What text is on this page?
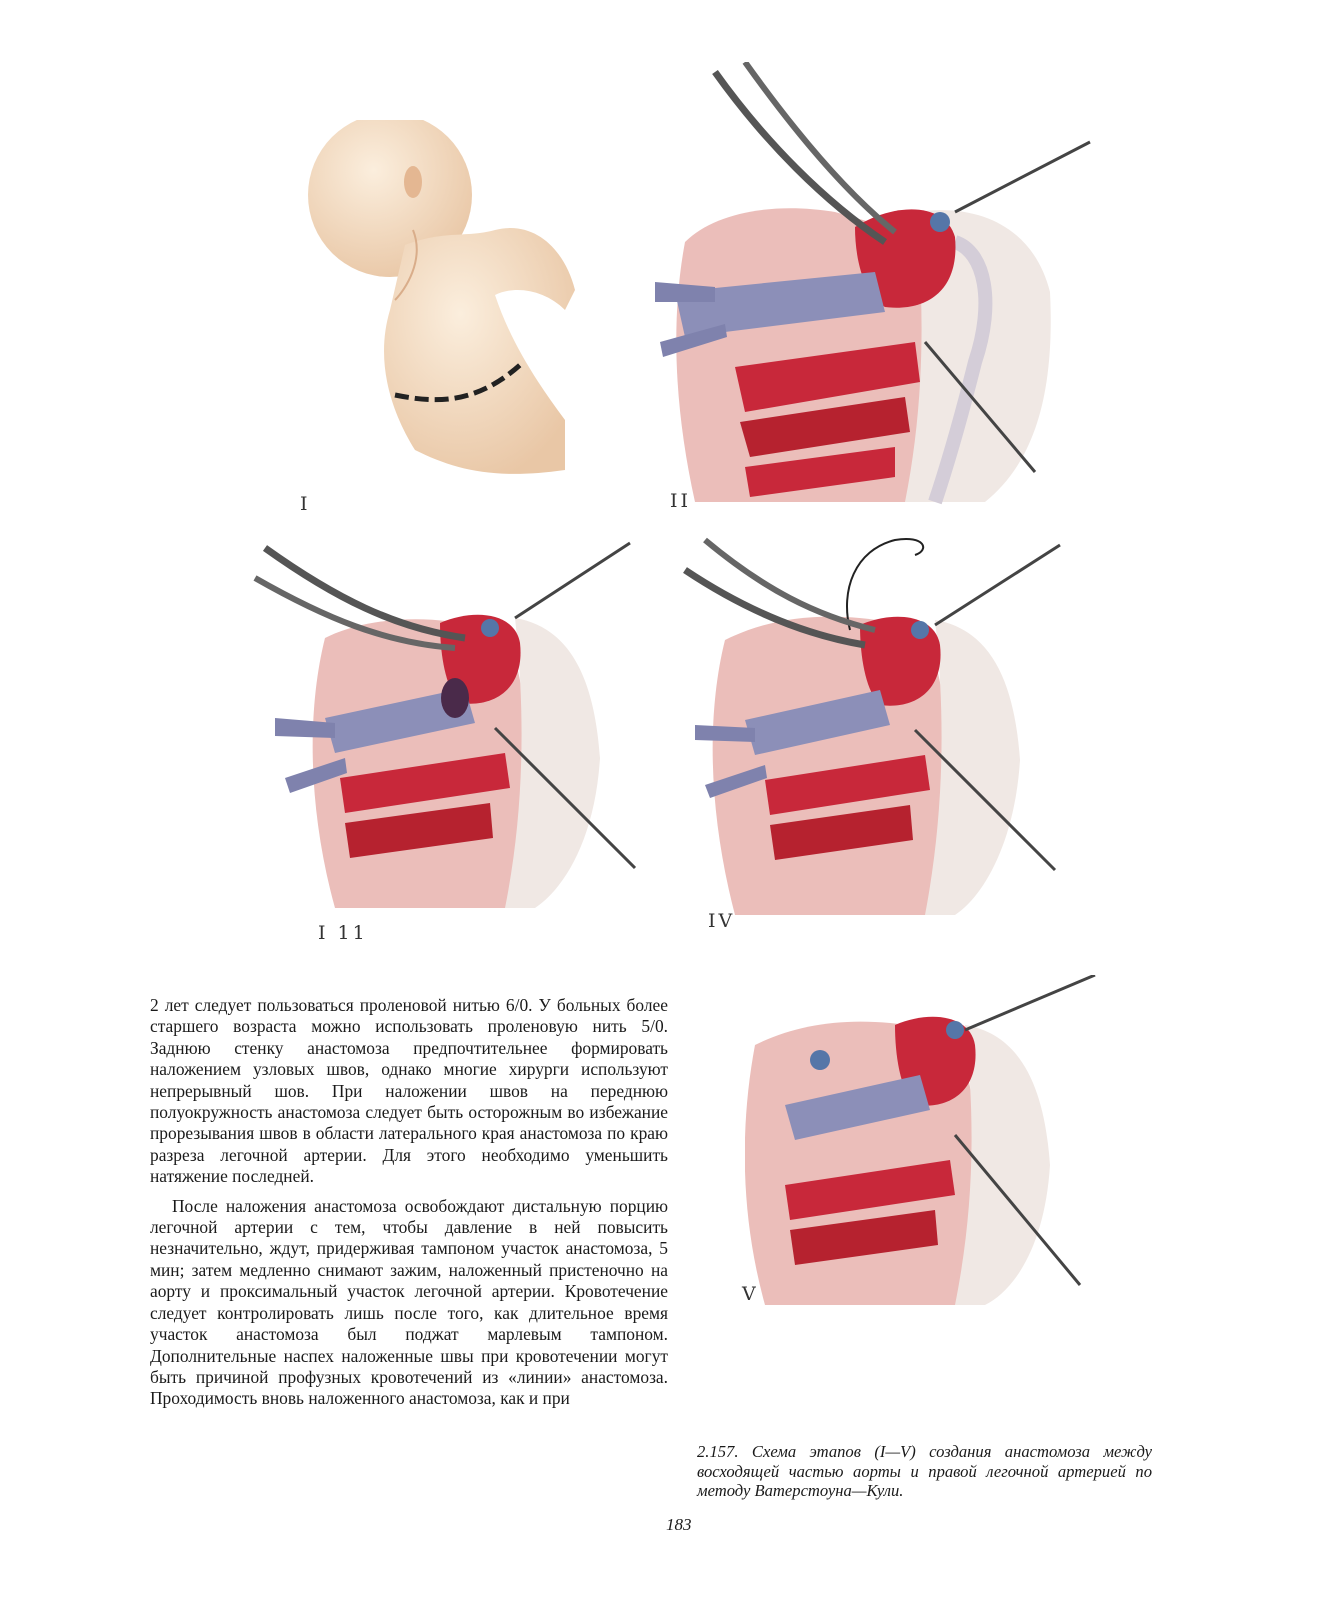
I	II
I 11
IV
V

2 лет следует пользоваться проленовой нитью 6/0. У больных более старшего возраста можно использовать проленовую нить 5/0. Заднюю стенку анастомоза предпочтительнее формировать наложением узловых швов, однако многие хирурги используют непрерывный шов. При наложении швов на переднюю полуокружность анастомоза следует быть осторожным во избежание прорезывания швов в области латерального края анастомоза по краю разреза легочной артерии. Для этого необходимо уменьшить натяжение последней.

После наложения анастомоза освобождают дистальную порцию легочной артерии с тем, чтобы давление в ней повысить незначительно, ждут, придерживая тампоном участок анастомоза, 5 мин; затем медленно снимают зажим, наложенный пристеночно на аорту и проксимальный участок легочной артерии. Кровотечение следует контролировать лишь после того, как длительное время участок анастомоза был поджат марлевым тампоном. Дополнительные наспех наложенные швы при кровотечении могут быть причиной профузных кровотечений из «линии» анастомоза. Проходимость вновь наложенного анастомоза, как и при

2.157. Схема этапов (I—V) создания анастомоза между восходящей частью аорты и правой легочной артерией по методу Ватерстоуна—Кули.
183
